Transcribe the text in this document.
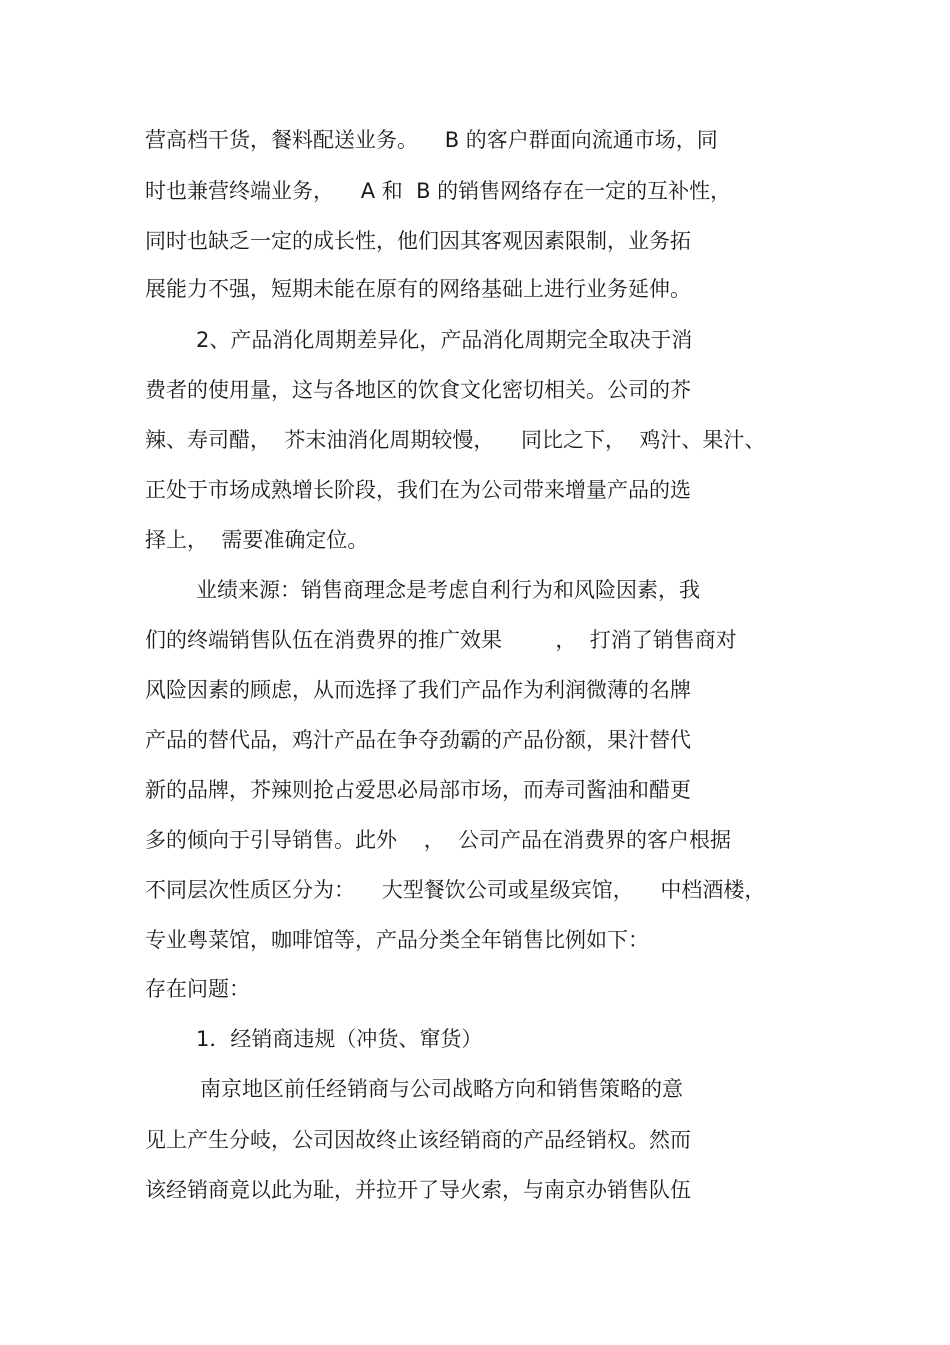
营高档干货，餐料配送业务。    B 的客户群面向流通市场，同

时也兼营终端业务，    A 和  B 的销售网络存在一定的互补性，

同时也缺乏一定的成长性，他们因其客观因素限制，业务拓

展能力不强，短期未能在原有的网络基础上进行业务延伸。

2、产品消化周期差异化，产品消化周期完全取决于消

费者的使用量，这与各地区的饮食文化密切相关。公司的芥

辣、寿司醋，  芥末油消化周期较慢，    同比之下，  鸡汁、果汁、

正处于市场成熟增长阶段，我们在为公司带来增量产品的选

择上，  需要准确定位。

业绩来源：销售商理念是考虑自利行为和风险因素，我

们的终端销售队伍在消费界的推广效果        ，  打消了销售商对

风险因素的顾虑，从而选择了我们产品作为利润微薄的名牌

产品的替代品，鸡汁产品在争夺劲霸的产品份额，果汁替代

新的品牌，芥辣则抢占爱思必局部市场，而寿司酱油和醋更

多的倾向于引导销售。此外    ，  公司产品在消费界的客户根据

不同层次性质区分为：    大型餐饮公司或星级宾馆，    中档酒楼，

专业粤菜馆，咖啡馆等，产品分类全年销售比例如下：

存在问题：

1．经销商违规（冲货、窜货）

南京地区前任经销商与公司战略方向和销售策略的意

见上产生分岐，公司因故终止该经销商的产品经销权。然而

该经销商竟以此为耻，并拉开了导火索，与南京办销售队伍
